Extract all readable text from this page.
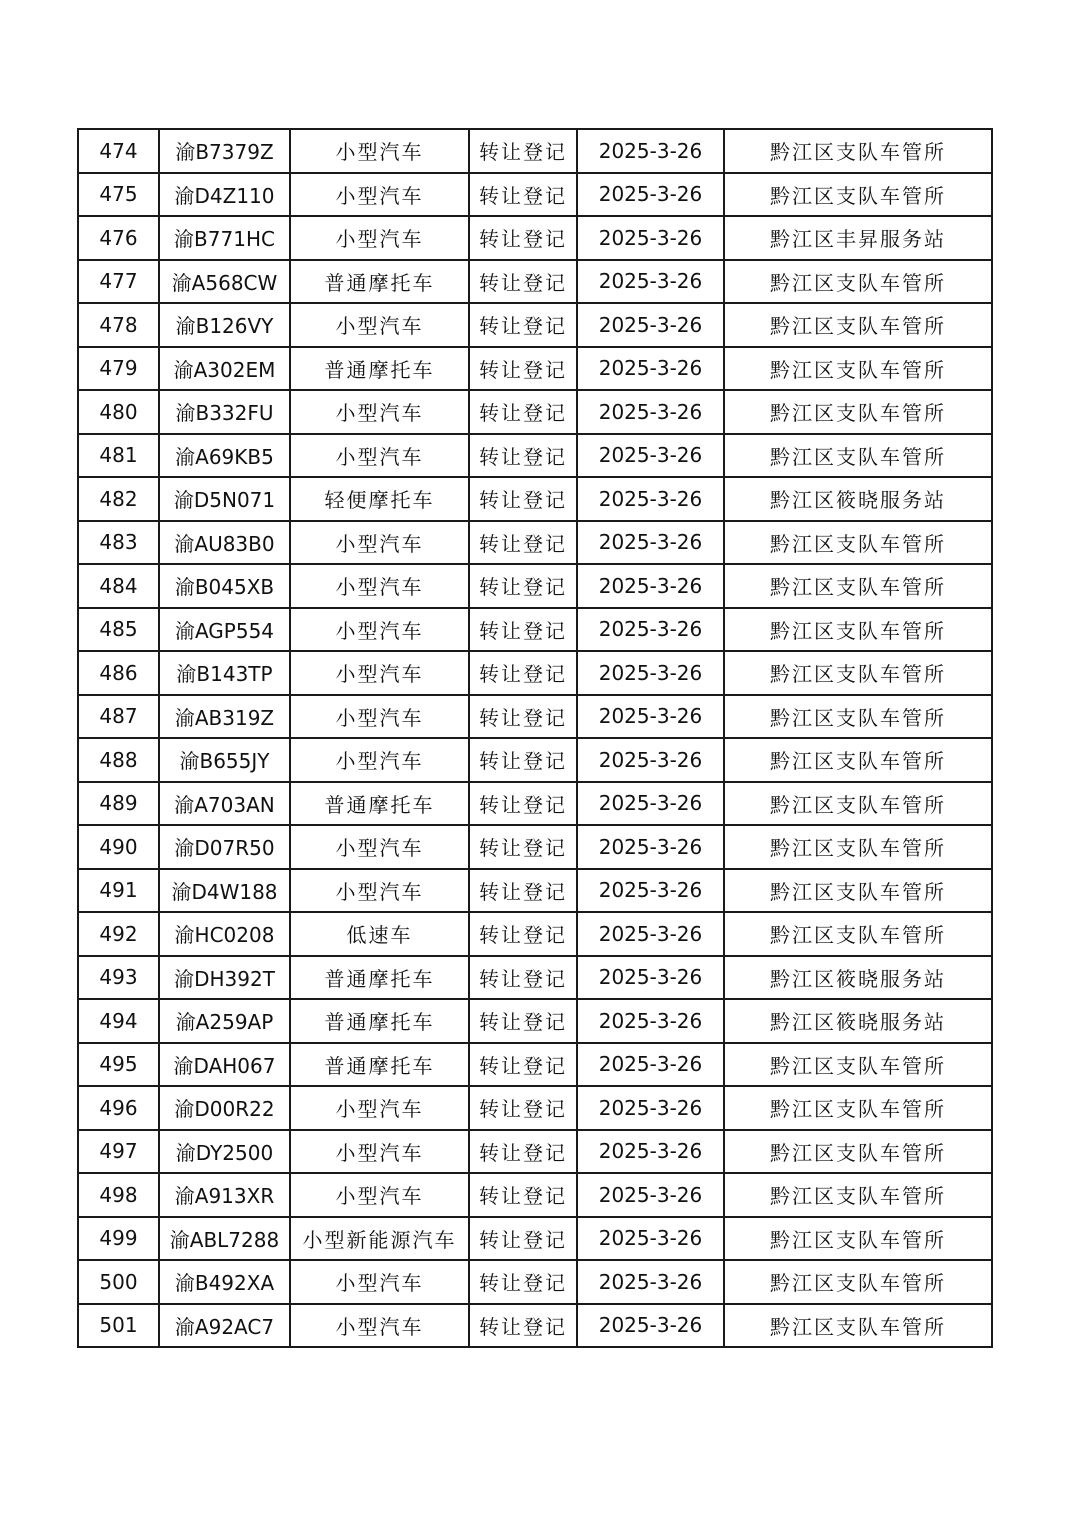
474	渝B7379Z	小型汽车	转让登记	2025-3-26	黔江区支队车管所
475	渝D4Z110	小型汽车	转让登记	2025-3-26	黔江区支队车管所
476	渝B771HC	小型汽车	转让登记	2025-3-26	黔江区丰昇服务站
477	渝A568CW	普通摩托车	转让登记	2025-3-26	黔江区支队车管所
478	渝B126VY	小型汽车	转让登记	2025-3-26	黔江区支队车管所
479	渝A302EM	普通摩托车	转让登记	2025-3-26	黔江区支队车管所
480	渝B332FU	小型汽车	转让登记	2025-3-26	黔江区支队车管所
481	渝A69KB5	小型汽车	转让登记	2025-3-26	黔江区支队车管所
482	渝D5N071	轻便摩托车	转让登记	2025-3-26	黔江区筱晓服务站
483	渝AU83B0	小型汽车	转让登记	2025-3-26	黔江区支队车管所
484	渝B045XB	小型汽车	转让登记	2025-3-26	黔江区支队车管所
485	渝AGP554	小型汽车	转让登记	2025-3-26	黔江区支队车管所
486	渝B143TP	小型汽车	转让登记	2025-3-26	黔江区支队车管所
487	渝AB319Z	小型汽车	转让登记	2025-3-26	黔江区支队车管所
488	渝B655JY	小型汽车	转让登记	2025-3-26	黔江区支队车管所
489	渝A703AN	普通摩托车	转让登记	2025-3-26	黔江区支队车管所
490	渝D07R50	小型汽车	转让登记	2025-3-26	黔江区支队车管所
491	渝D4W188	小型汽车	转让登记	2025-3-26	黔江区支队车管所
492	渝HC0208	低速车	转让登记	2025-3-26	黔江区支队车管所
493	渝DH392T	普通摩托车	转让登记	2025-3-26	黔江区筱晓服务站
494	渝A259AP	普通摩托车	转让登记	2025-3-26	黔江区筱晓服务站
495	渝DAH067	普通摩托车	转让登记	2025-3-26	黔江区支队车管所
496	渝D00R22	小型汽车	转让登记	2025-3-26	黔江区支队车管所
497	渝DY2500	小型汽车	转让登记	2025-3-26	黔江区支队车管所
498	渝A913XR	小型汽车	转让登记	2025-3-26	黔江区支队车管所
499	渝ABL7288	小型新能源汽车	转让登记	2025-3-26	黔江区支队车管所
500	渝B492XA	小型汽车	转让登记	2025-3-26	黔江区支队车管所
501	渝A92AC7	小型汽车	转让登记	2025-3-26	黔江区支队车管所
